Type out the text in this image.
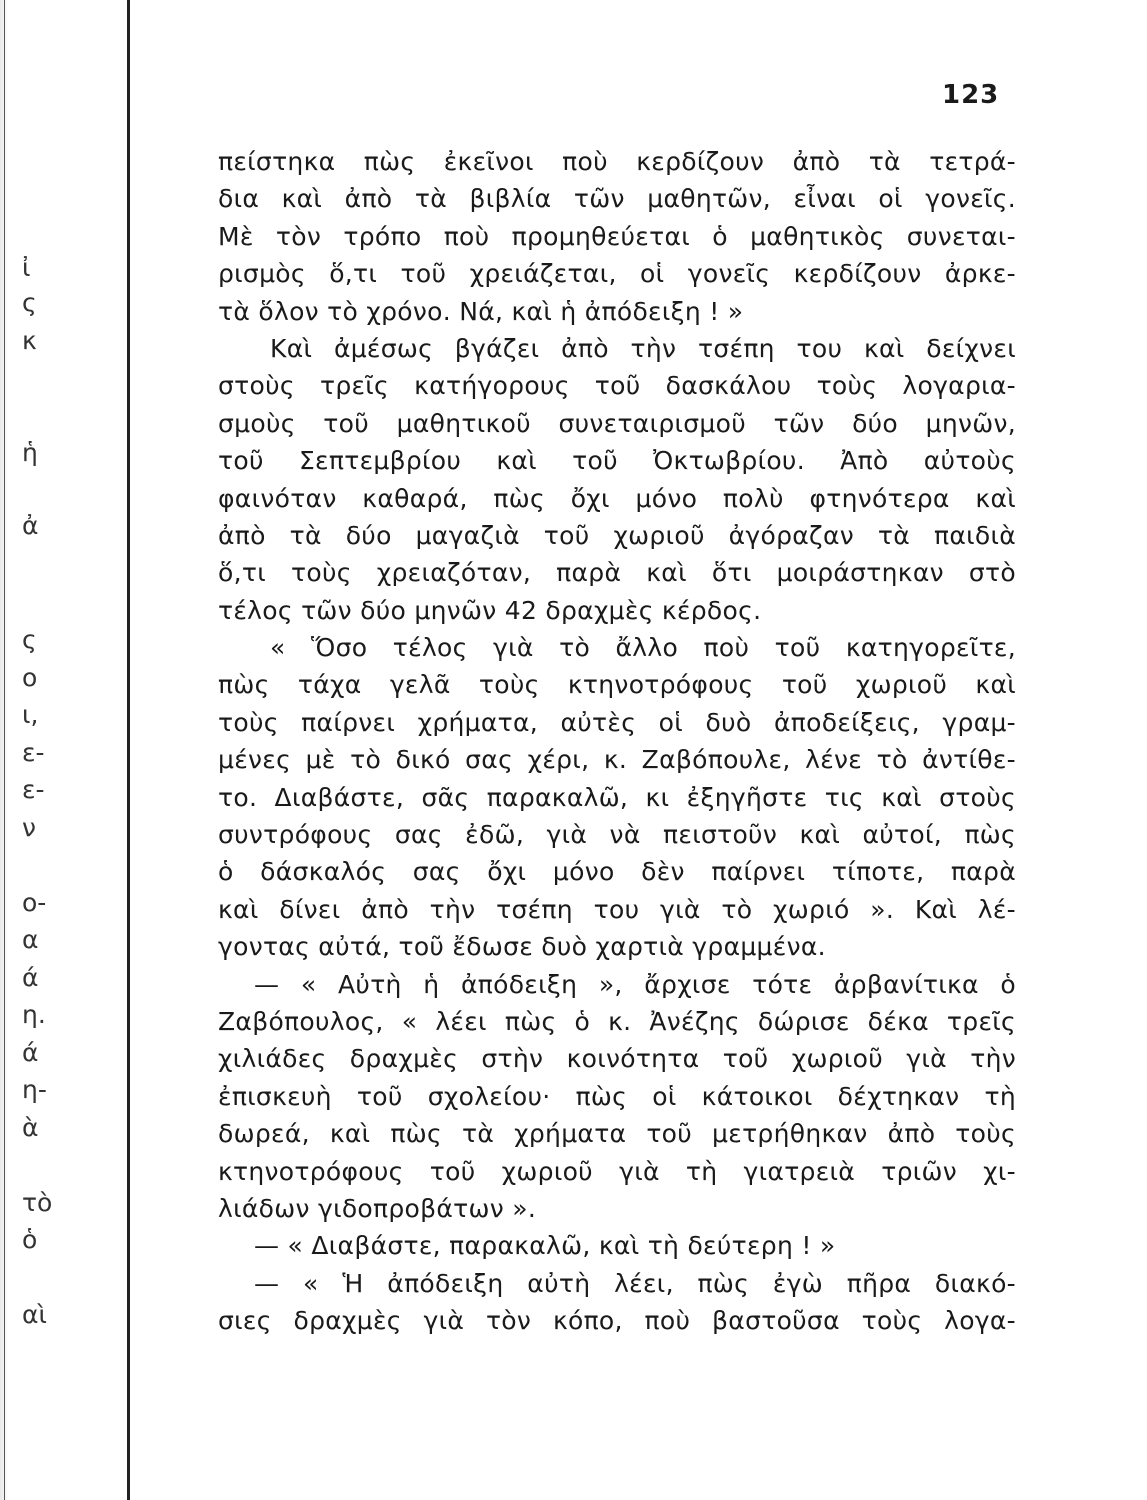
ἰ
ς
κ
ἡ
ἀ
ς
ο
ι,
ε-
ε-
ν
ο-
α
ά
η.
ά
η-
ὰ
τὸ
ὁ
αὶ
123
πείστηκα πὼς ἐκεῖνοι ποὺ κερδίζουν ἀπὸ τὰ τετρά-
δια καὶ ἀπὸ τὰ βιβλία τῶν μαθητῶν, εἶναι οἱ γονεῖς.
Μὲ τὸν τρόπο ποὺ προμηθεύεται ὁ μαθητικὸς συνεται-
ρισμὸς ὅ,τι τοῦ χρειάζεται, οἱ γονεῖς κερδίζουν ἀρκε-
τὰ ὅλον τὸ χρόνο. Νά, καὶ ἡ ἀπόδειξη ! »
Καὶ ἀμέσως βγάζει ἀπὸ τὴν τσέπη του καὶ δείχνει
στοὺς τρεῖς κατήγορους τοῦ δασκάλου τοὺς λογαρια-
σμοὺς τοῦ μαθητικοῦ συνεταιρισμοῦ τῶν δύο μηνῶν,
τοῦ Σεπτεμβρίου καὶ τοῦ Ὀκτωβρίου. Ἀπὸ αὐτοὺς
φαινόταν καθαρά, πὼς ὄχι μόνο πολὺ φτηνότερα καὶ
ἀπὸ τὰ δύο μαγαζιὰ τοῦ χωριοῦ ἀγόραζαν τὰ παιδιὰ
ὅ,τι τοὺς χρειαζόταν, παρὰ καὶ ὅτι μοιράστηκαν στὸ
τέλος τῶν δύο μηνῶν 42 δραχμὲς κέρδος.
« Ὅσο τέλος γιὰ τὸ ἄλλο ποὺ τοῦ κατηγορεῖτε,
πὼς τάχα γελᾶ τοὺς κτηνοτρόφους τοῦ χωριοῦ καὶ
τοὺς παίρνει χρήματα, αὐτὲς οἱ δυὸ ἀποδείξεις, γραμ-
μένες μὲ τὸ δικό σας χέρι, κ. Ζαβόπουλε, λένε τὸ ἀντίθε-
το. Διαβάστε, σᾶς παρακαλῶ, κι ἐξηγῆστε τις καὶ στοὺς
συντρόφους σας ἐδῶ, γιὰ νὰ πειστοῦν καὶ αὐτοί, πὼς
ὁ δάσκαλός σας ὄχι μόνο δὲν παίρνει τίποτε, παρὰ
καὶ δίνει ἀπὸ τὴν τσέπη του γιὰ τὸ χωριό ». Καὶ λέ-
γοντας αὐτά, τοῦ ἔδωσε δυὸ χαρτιὰ γραμμένα.
— « Αὐτὴ ἡ ἀπόδειξη », ἄρχισε τότε ἀρβανίτικα ὁ
Ζαβόπουλος, « λέει πὼς ὁ κ. Ἀνέζης δώρισε δέκα τρεῖς
χιλιάδες δραχμὲς στὴν κοινότητα τοῦ χωριοῦ γιὰ τὴν
ἐπισκευὴ τοῦ σχολείου· πὼς οἱ κάτοικοι δέχτηκαν τὴ
δωρεά, καὶ πὼς τὰ χρήματα τοῦ μετρήθηκαν ἀπὸ τοὺς
κτηνοτρόφους τοῦ χωριοῦ γιὰ τὴ γιατρειὰ τριῶν χι-
λιάδων γιδοπροβάτων ».
— « Διαβάστε, παρακαλῶ, καὶ τὴ δεύτερη ! »
— « Ἡ ἀπόδειξη αὐτὴ λέει, πὼς ἐγὼ πῆρα διακό-
σιες δραχμὲς γιὰ τὸν κόπο, ποὺ βαστοῦσα τοὺς λογα-
